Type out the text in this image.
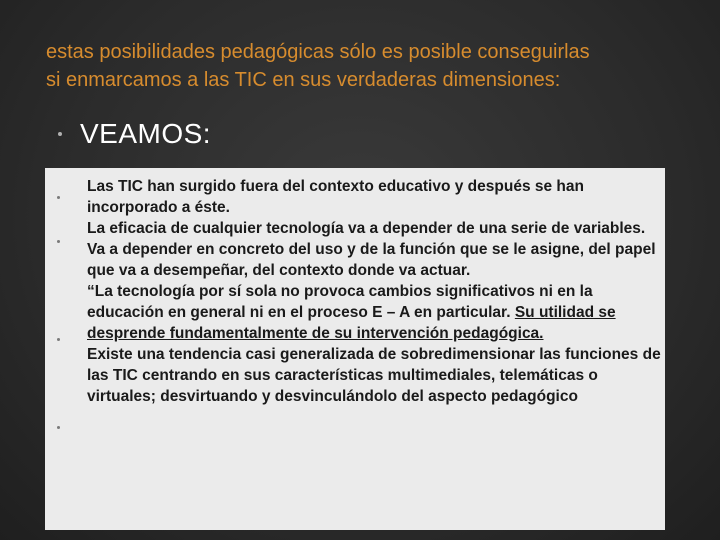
estas posibilidades pedagógicas sólo es posible conseguirlas
si enmarcamos a las TIC en sus verdaderas dimensiones:
VEAMOS:

Las TIC han surgido fuera del contexto educativo y después se han incorporado a éste.

La eficacia de cualquier tecnología va a depender de una serie de variables. Va a depender en concreto del uso y de la función que se le asigne, del papel que va a desempeñar, del contexto donde va actuar.

“La tecnología por sí sola no provoca cambios significativos ni en la educación en general ni en el proceso E – A en particular. Su utilidad se desprende fundamentalmente de su intervención pedagógica.

Existe una tendencia casi generalizada de sobredimensionar las funciones de las TIC centrando en sus características multimediales, telemáticas o virtuales; desvirtuando y desvinculándolo del aspecto pedagógico
